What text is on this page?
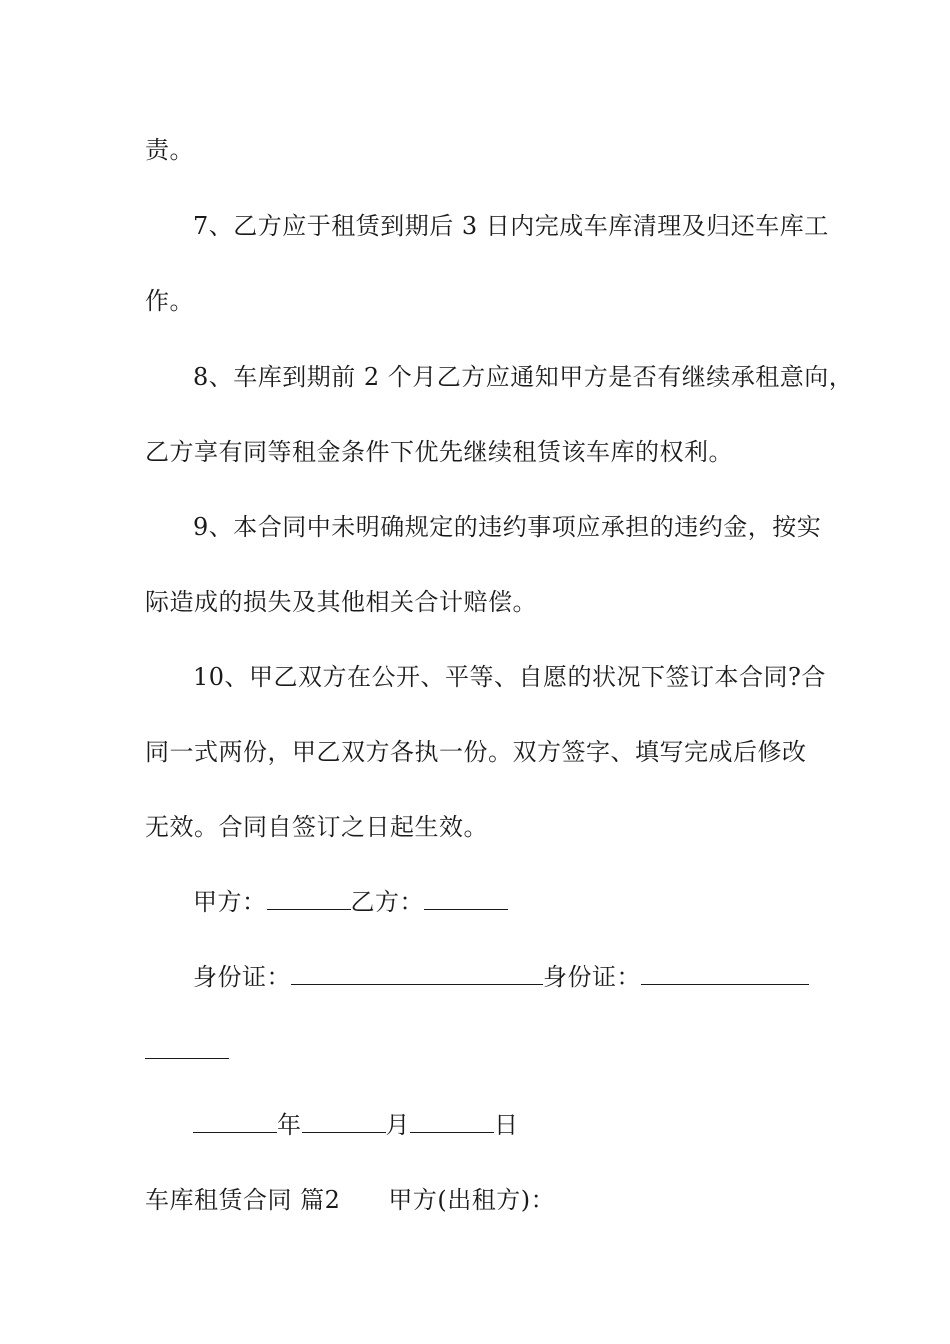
责。
7、乙方应于租赁到期后 3 日内完成车库清理及归还车库工
作。
8、车库到期前 2 个月乙方应通知甲方是否有继续承租意向，
乙方享有同等租金条件下优先继续租赁该车库的权利。
9、本合同中未明确规定的违约事项应承担的违约金，按实
际造成的损失及其他相关合计赔偿。
10、甲乙双方在公开、平等、自愿的状况下签订本合同?合
同一式两份，甲乙双方各执一份。双方签字、填写完成后修改
无效。合同自签订之日起生效。
甲方：	乙方：
身份证：	身份证：
年	月	日
车库租赁合同 篇2 甲方(出租方)：
